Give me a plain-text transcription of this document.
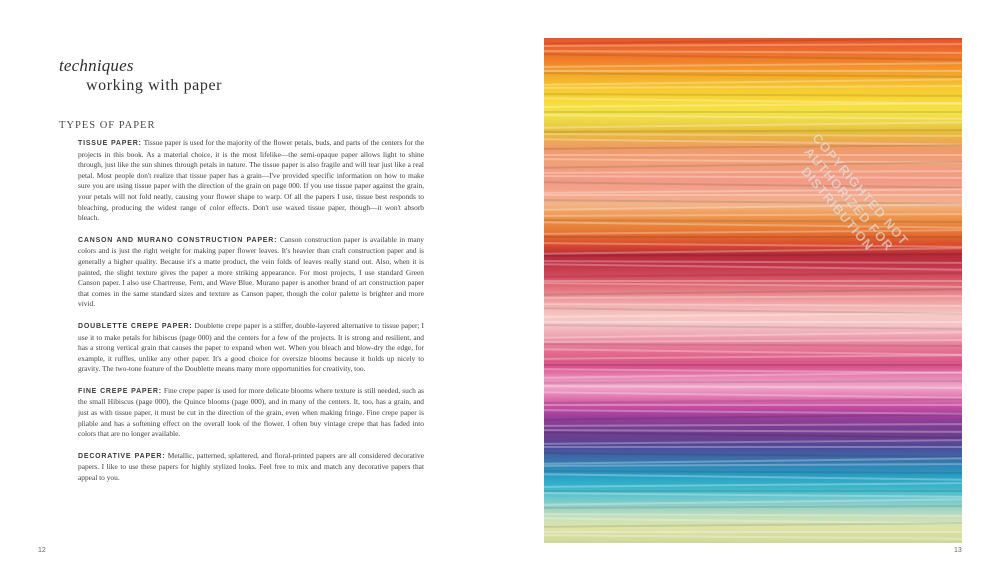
techniques
working with paper
TYPES OF PAPER

TISSUE PAPER: Tissue paper is used for the majority of the flower petals, buds, and parts of the centers for the projects in this book. As a material choice, it is the most lifelike—the semi-opaque paper allows light to shine through, just like the sun shines through petals in nature. The tissue paper is also fragile and will tear just like a real petal. Most people don't realize that tissue paper has a grain—I've provided specific information on how to make sure you are using tissue paper with the direction of the grain on page 000. If you use tissue paper against the grain, your petals will not fold neatly, causing your flower shape to warp. Of all the papers I use, tissue best responds to bleaching, producing the widest range of color effects. Don't use waxed tissue paper, though—it won't absorb bleach.

CANSON AND MURANO CONSTRUCTION PAPER: Canson construction paper is available in many colors and is just the right weight for making paper flower leaves. It's heavier than craft construction paper and is generally a higher quality. Because it's a matte product, the vein folds of leaves really stand out. Also, when it is painted, the slight texture gives the paper a more striking appearance. For most projects, I use standard Green Canson paper. I also use Chartreuse, Fern, and Wave Blue. Murano paper is another brand of art construction paper that comes in the same standard sizes and texture as Canson paper, though the color palette is brighter and more vivid.

DOUBLETTE CREPE PAPER: Doublette crepe paper is a stiffer, double-layered alternative to tissue paper; I use it to make petals for hibiscus (page 000) and the centers for a few of the projects. It is strong and resilient, and has a strong vertical grain that causes the paper to expand when wet. When you bleach and blow-dry the edge, for example, it ruffles, unlike any other paper. It's a good choice for oversize blooms because it holds up nicely to gravity. The two-tone feature of the Doublette means many more opportunities for creativity, too.

FINE CREPE PAPER: Fine crepe paper is used for more delicate blooms where texture is still needed, such as the small Hibiscus (page 000), the Quince blooms (page 000), and in many of the centers. It, too, has a grain, and just as with tissue paper, it must be cut in the direction of the grain, even when making fringe. Fine crepe paper is pliable and has a softening effect on the overall look of the flower. I often buy vintage crepe that has faded into colors that are no longer available.

DECORATIVE PAPER: Metallic, patterned, splattered, and floral-printed papers are all considered decorative papers. I like to use these papers for highly stylized looks. Feel free to mix and match any decorative papers that appeal to you.

12
COPYRIGHTED NOT AUTHORIZED FOR DISTRIBUTION
13
